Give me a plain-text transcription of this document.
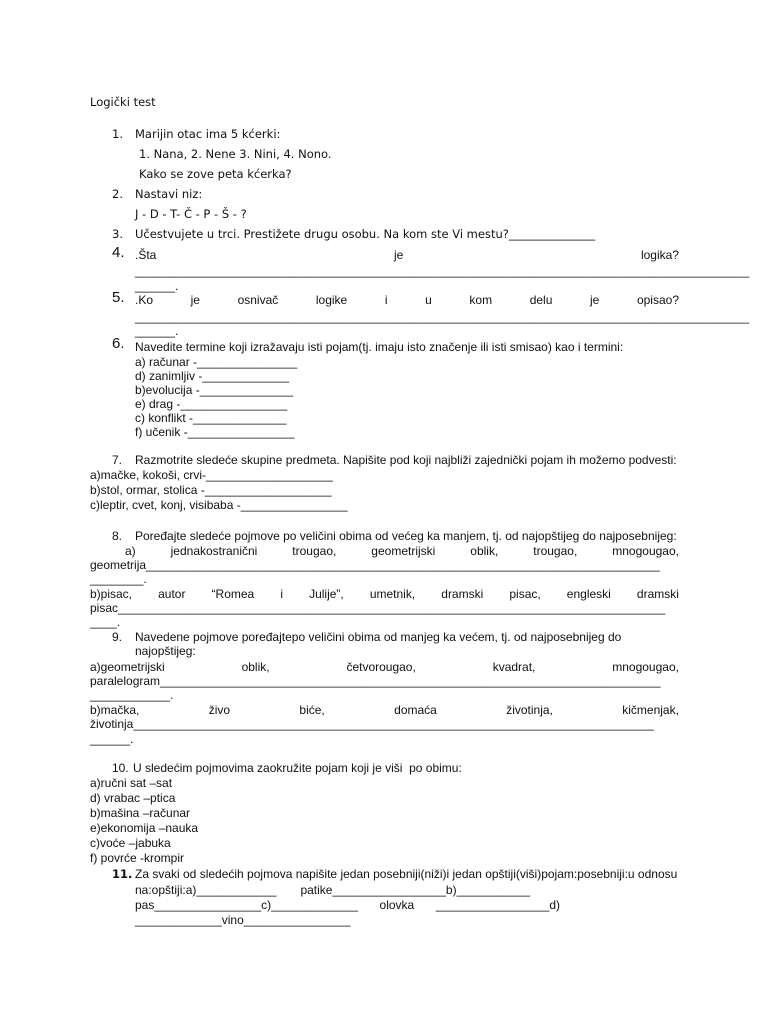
Logički test
1. Marijin otac ima 5 kćerki:
1. Nana, 2. Nene 3. Nini, 4. Nono.
Kako se zove peta kćerka?
2. Nastavi niz:
J - D - T- Č - P - Š - ?
3. Učestvujete u trci. Prestižete drugu osobu. Na kom ste Vi mestu?_______________
4. .Šta	je	logika?
____________________________________________________________________________________________
______.
5. .Ko	je	osnivač	logike	i	u	kom	delu	je	opisao?
____________________________________________________________________________________________
______.
6. Navedite termine koji izražavaju isti pojam(tj. imaju isto značenje ili isti smisao) kao i termini:
a) računar -_______________
d) zanimljiv -_____________
b)evolucija -______________
e) drag -________________
c) konflikt -______________
f) učenik -________________
7. Razmotrite sledeće skupine predmeta. Napišite pod koji najbliži zajednički pojam ih možemo podvesti:
a)mačke, kokoši, crvi-___________________
b)stol, ormar, stolica -___________________
c)leptir, cvet, konj, visibaba -________________
8. Poređajte sledeće pojmove po veličini obima od većeg ka manjem, tj. od najopštijeg do najposebnijeg:
a)	jednakostranični	trougao,	geometrijski	oblik,	trougao,	mnogougao,
geometrija_____________________________________________________________________________
________.
b)pisac, autor “Romea i Julije”, umetnik, dramski pisac, engleski dramski
pisac__________________________________________________________________________________
____.
9. Navedene pojmove poređajtepo veličini obima od manjeg ka većem, tj. od najposebnijeg do
najopštijeg:
a)geometrijski	oblik,	četvorougao,	kvadrat,	mnogougao,
paralelogram___________________________________________________________________________
____________.
b)mačka,	živo	biće,	domaća	životinja,	kičmenjak,
životinja______________________________________________________________________________
______.
10. U sledećim pojmovima zaokružite pojam koji je viši  po obimu:
a)ručni sat –sat
d) vrabac –ptica
b)mašina –računar
e)ekonomija –nauka
c)voće –jabuka
f) povrće -krompir
11. Za svaki od sledećih pojmova napišite jedan posebniji(niži)i jedan opštiji(viši)pojam:posebniji:u odnosu
na:opštiji:a)____________ patike_________________b)___________
pas________________c)_____________ olovka _________________d)
_____________vino________________
